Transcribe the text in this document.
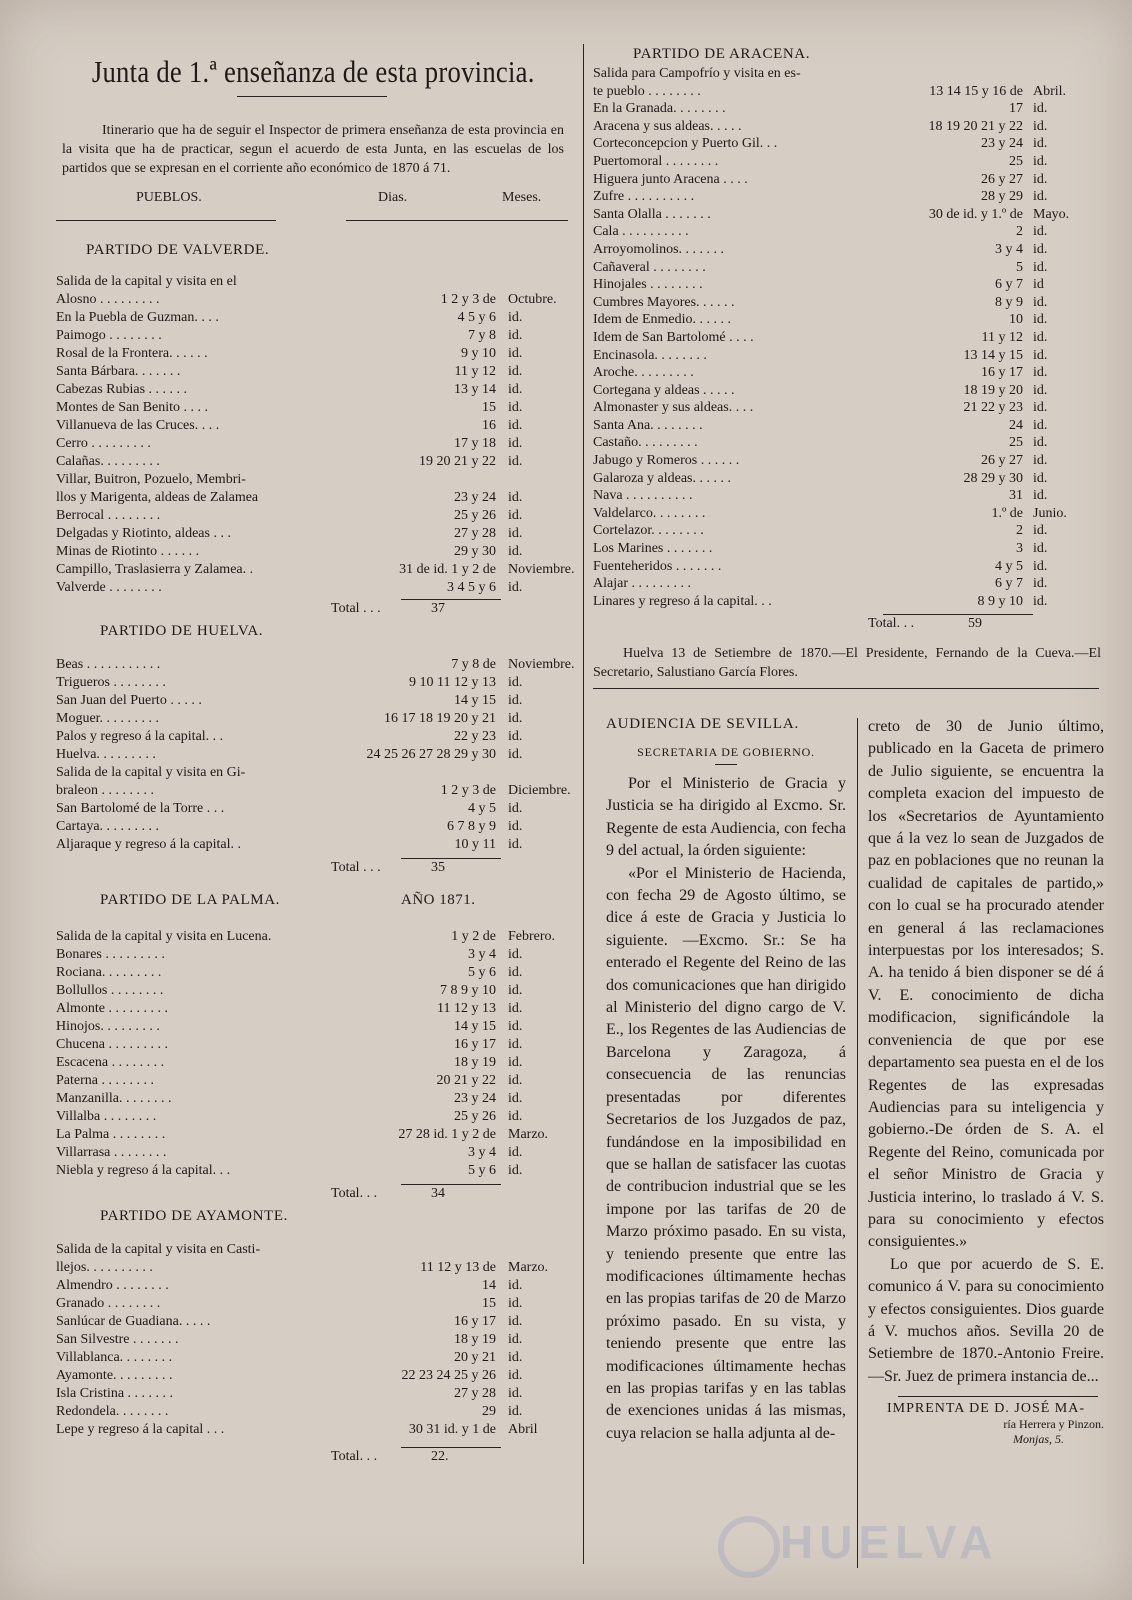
Junta de 1.ª enseñanza de esta provincia.

Itinerario que ha de seguir el Inspector de primera enseñanza de esta provincia en la visita que ha de practicar, segun el acuerdo de esta Junta, en las escuelas de los partidos que se expresan en el corriente año económico de 1870 á 71.

PUEBLOS.	Dias.	Meses.
PARTIDO DE VALVERDE.
Salida de la capital y visita en el
Alosno . . . . . . . . .	1 2 y 3 de Octubre.
En la Puebla de Guzman. . . .	4 5 y 6 id.
Paimogo . . . . . . . .	7 y 8 id.
Rosal de la Frontera. . . . . .	9 y 10 id.
Santa Bárbara. . . . . . .	11 y 12 id.
Cabezas Rubias . . . . . .	13 y 14 id.
Montes de San Benito . . . .	15 id.
Villanueva de las Cruces. . . .	16 id.
Cerro . . . . . . . . .	17 y 18 id.
Calañas. . . . . . . . .	19 20 21 y 22 id.
Villar, Buitron, Pozuelo, Membri-
llos y Marigenta, aldeas de Zalamea	23 y 24 id.
Berrocal . . . . . . . .	25 y 26 id.
Delgadas y Riotinto, aldeas . . .	27 y 28 id.
Minas de Riotinto . . . . . .	29 y 30 id.
Campillo, Traslasierra y Zalamea. .	31 de id. 1 y 2 de Noviembre.
Valverde . . . . . . . .	3 4 5 y 6 id.
Total . . .	37
PARTIDO DE HUELVA.
Beas . . . . . . . . . . .	7 y 8 de Noviembre.
Trigueros . . . . . . . .	9 10 11 12 y 13 id.
San Juan del Puerto . . . . .	14 y 15 id.
Moguer. . . . . . . . .	16 17 18 19 20 y 21 id.
Palos y regreso á la capital. . .	22 y 23 id.
Huelva. . . . . . . . .	24 25 26 27 28 29 y 30 id.
Salida de la capital y visita en Gi-
braleon . . . . . . . .	1 2 y 3 de Diciembre.
San Bartolomé de la Torre . . .	4 y 5 id.
Cartaya. . . . . . . . .	6 7 8 y 9 id.
Aljaraque y regreso á la capital. .	10 y 11 id.
Total . . .	35
PARTIDO DE LA PALMA.	AÑO 1871.
Salida de la capital y visita en Lucena.	1 y 2 de Febrero.
Bonares . . . . . . . . .	3 y 4 id.
Rociana. . . . . . . . .	5 y 6 id.
Bollullos . . . . . . . .	7 8 9 y 10 id.
Almonte . . . . . . . . .	11 12 y 13 id.
Hinojos. . . . . . . . .	14 y 15 id.
Chucena . . . . . . . . .	16 y 17 id.
Escacena . . . . . . . .	18 y 19 id.
Paterna . . . . . . . .	20 21 y 22 id.
Manzanilla. . . . . . . .	23 y 24 id.
Villalba . . . . . . . .	25 y 26 id.
La Palma . . . . . . . .	27 28 id. 1 y 2 de Marzo.
Villarrasa . . . . . . . .	3 y 4 id.
Niebla y regreso á la capital. . .	5 y 6 id.
Total. . .	34
PARTIDO DE AYAMONTE.
Salida de la capital y visita en Casti-
llejos. . . . . . . . . .	11 12 y 13 de Marzo.
Almendro . . . . . . . .	14 id.
Granado . . . . . . . .	15 id.
Sanlúcar de Guadiana. . . . .	16 y 17 id.
San Silvestre . . . . . . .	18 y 19 id.
Villablanca. . . . . . . .	20 y 21 id.
Ayamonte. . . . . . . . .	22 23 24 25 y 26 id.
Isla Cristina . . . . . . .	27 y 28 id.
Redondela. . . . . . . .	29 id.
Lepe y regreso á la capital . . .	30 31 id. y 1 de Abril
Total. . .	22.
PARTIDO DE ARACENA.
Salida para Campofrío y visita en es-
te pueblo . . . . . . . .	13 14 15 y 16 de Abril.
En la Granada. . . . . . . .	17 id.
Aracena y sus aldeas. . . . .	18 19 20 21 y 22 id.
Corteconcepcion y Puerto Gil. . .	23 y 24 id.
Puertomoral . . . . . . . .	25 id.
Higuera junto Aracena . . . .	26 y 27 id.
Zufre . . . . . . . . . .	28 y 29 id.
Santa Olalla . . . . . . .	30 de id. y 1.º de Mayo.
Cala . . . . . . . . . .	2 id.
Arroyomolinos. . . . . . .	3 y 4 id.
Cañaveral . . . . . . . .	5 id.
Hinojales . . . . . . . .	6 y 7 id
Cumbres Mayores. . . . . .	8 y 9 id.
Idem de Enmedio. . . . . .	10 id.
Idem de San Bartolomé . . . .	11 y 12 id.
Encinasola. . . . . . . .	13 14 y 15 id.
Aroche. . . . . . . . .	16 y 17 id.
Cortegana y aldeas . . . . .	18 19 y 20 id.
Almonaster y sus aldeas. . . .	21 22 y 23 id.
Santa Ana. . . . . . . .	24 id.
Castaño. . . . . . . . .	25 id.
Jabugo y Romeros . . . . . .	26 y 27 id.
Galaroza y aldeas. . . . . .	28 29 y 30 id.
Nava . . . . . . . . . .	31 id.
Valdelarco. . . . . . . .	1.º de Junio.
Cortelazor. . . . . . . .	2 id.
Los Marines . . . . . . .	3 id.
Fuenteheridos . . . . . . .	4 y 5 id.
Alajar . . . . . . . . .	6 y 7 id.
Linares y regreso á la capital. . .	8 9 y 10 id.
Total. . .	59

Huelva 13 de Setiembre de 1870.—El Presidente, Fernando de la Cueva.—El Secretario, Salustiano García Flores.

AUDIENCIA DE SEVILLA.
SECRETARIA DE GOBIERNO.

Por el Ministerio de Gracia y Justicia se ha dirigido al Excmo. Sr. Regente de esta Audiencia, con fecha 9 del actual, la órden siguiente:

«Por el Ministerio de Hacienda, con fecha 29 de Agosto último, se dice á este de Gracia y Justicia lo siguiente. —Excmo. Sr.: Se ha enterado el Regente del Reino de las dos comunicaciones que han dirigido al Ministerio del digno cargo de V. E., los Regentes de las Audiencias de Barcelona y Zaragoza, á consecuencia de las renuncias presentadas por diferentes Secretarios de los Juzgados de paz, fundándose en la imposibilidad en que se hallan de satisfacer las cuotas de contribucion industrial que se les impone por las tarifas de 20 de Marzo próximo pasado. En su vista, y teniendo presente que entre las modificaciones últimamente hechas en las propias tarifas de 20 de Marzo próximo pasado. En su vista, y teniendo presente que entre las modificaciones últimamente hechas en las propias tarifas y en las tablas de exenciones unidas á las mismas, cuya relacion se halla adjunta al de-

creto de 30 de Junio último, publicado en la Gaceta de primero de Julio siguiente, se encuentra la completa exacion del impuesto de los «Secretarios de Ayuntamiento que á la vez lo sean de Juzgados de paz en poblaciones que no reunan la cualidad de capitales de partido,» con lo cual se ha procurado atender en general á las reclamaciones interpuestas por los interesados; S. A. ha tenido á bien disponer se dé á V. E. conocimiento de dicha modificacion, significándole la conveniencia de que por ese departamento sea puesta en el de los Regentes de las expresadas Audiencias para su inteligencia y gobierno.-De órden de S. A. el Regente del Reino, comunicada por el señor Ministro de Gracia y Justicia interino, lo traslado á V. S. para su conocimiento y efectos consiguientes.»

Lo que por acuerdo de S. E. comunico á V. para su conocimiento y efectos consiguientes. Dios guarde á V. muchos años. Sevilla 20 de Setiembre de 1870.-Antonio Freire. —Sr. Juez de primera instancia de...

IMPRENTA DE D. JOSÉ MA-
ría Herrera y Pinzon.
Monjas, 5.
HUELVA
